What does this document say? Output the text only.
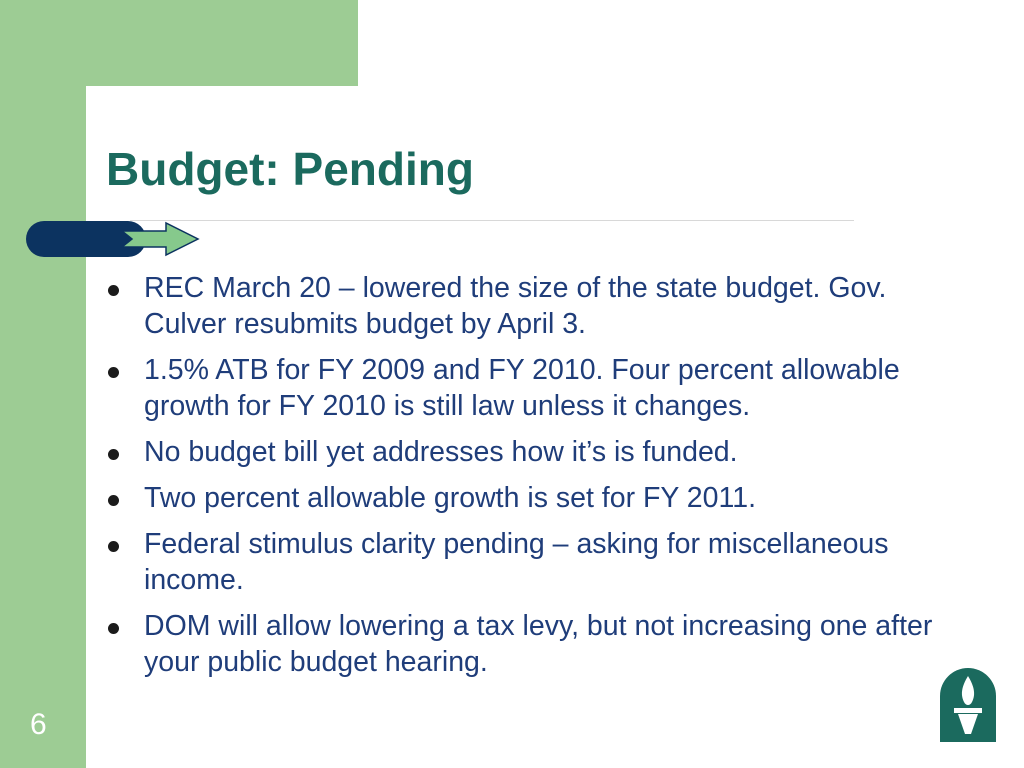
Budget: Pending
REC March 20 – lowered the size of the state budget. Gov. Culver resubmits budget by April 3.
1.5% ATB for FY 2009 and FY 2010. Four percent allowable growth for FY 2010 is still law unless it changes.
No budget bill yet addresses how it’s is funded.
Two percent allowable growth is set for FY 2011.
Federal stimulus clarity pending – asking for miscellaneous income.
DOM will allow lowering a tax levy, but not increasing one after your public budget hearing.
6
